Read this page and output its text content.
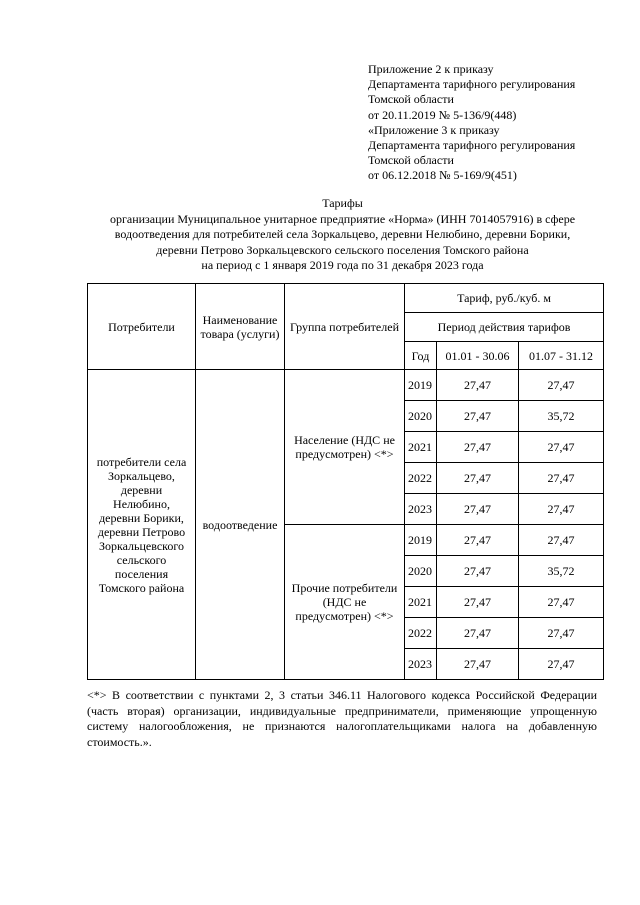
Приложение 2 к приказу
Департамента тарифного регулирования
Томской области
от 20.11.2019 № 5-136/9(448)
«Приложение 3 к приказу
Департамента тарифного регулирования
Томской области
от 06.12.2018 № 5-169/9(451)
Тарифы
организации Муниципальное унитарное предприятие «Норма» (ИНН 7014057916) в сфере
водоотведения для потребителей села Зоркальцево, деревни Нелюбино, деревни Борики,
деревни Петрово Зоркальцевского сельского поселения Томского района
на период с 1 января 2019 года по 31 декабря 2023 года
Потребители	Наименование товара (услуги)	Группа потребителей	Тариф, руб./куб. м		
			Период действия тарифов		
			Год	01.01 - 30.06	01.07 - 31.12
потребители села Зоркальцево, деревни Нелюбино, деревни Борики, деревни Петрово Зоркальцевского сельского поселения Томского района	водоотведение	Население (НДС не предусмотрен) <*>	2019	27,47	27,47
			2020	27,47	35,72
			2021	27,47	27,47
			2022	27,47	27,47
			2023	27,47	27,47
		Прочие потребители (НДС не предусмотрен) <*>	2019	27,47	27,47
			2020	27,47	35,72
			2021	27,47	27,47
			2022	27,47	27,47
			2023	27,47	27,47
<*> В соответствии с пунктами 2, 3 статьи 346.11 Налогового кодекса Российской Федерации (часть вторая) организации, индивидуальные предприниматели, применяющие упрощенную систему налогообложения, не признаются налогоплательщиками налога на добавленную стоимость.».
